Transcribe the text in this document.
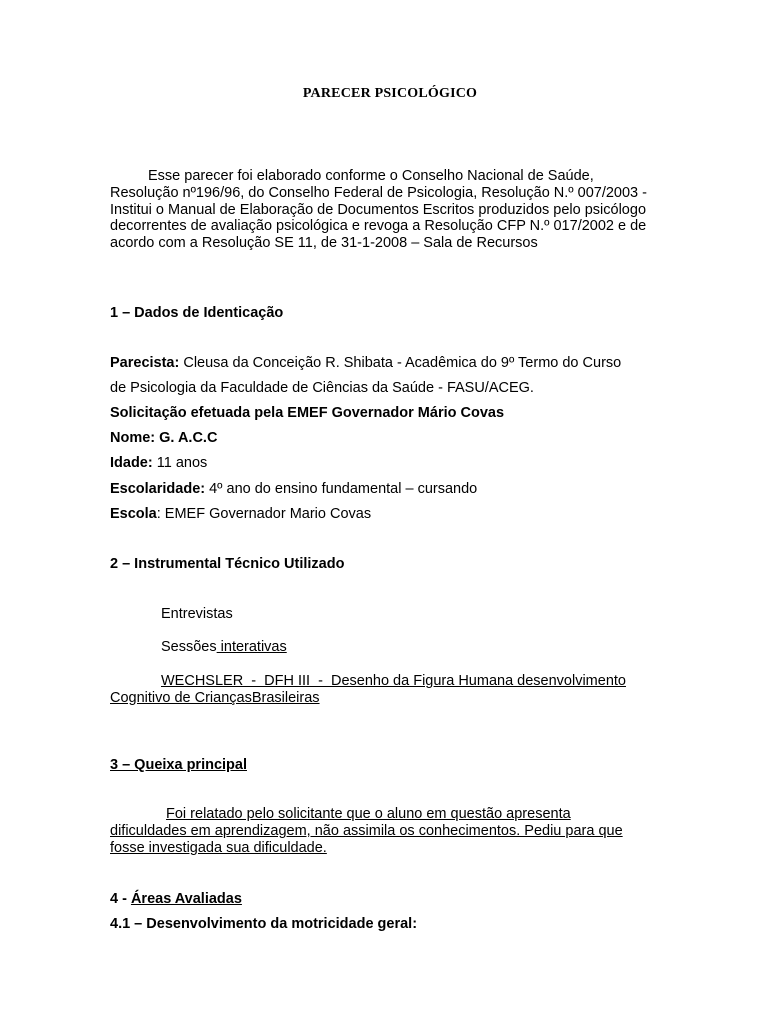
PARECER PSICOLÓGICO
Esse parecer foi elaborado conforme o Conselho Nacional de Saúde, Resolução nº196/96, do Conselho Federal de Psicologia, Resolução N.º 007/2003 - Institui o Manual de Elaboração de Documentos Escritos produzidos pelo psicólogo decorrentes de avaliação psicológica e revoga a Resolução CFP N.º 017/2002 e de acordo com a Resolução SE 11, de 31-1-2008 – Sala de Recursos
1 – Dados de Identicação
Parecista: Cleusa da Conceição R. Shibata - Acadêmica do 9º Termo do Curso
de Psicologia da Faculdade de Ciências da Saúde - FASU/ACEG.
Solicitação efetuada pela EMEF Governador Mário Covas
Nome: G. A.C.C
Idade: 11 anos
Escolaridade: 4º ano do ensino fundamental – cursando
Escola: EMEF Governador Mario Covas
2 – Instrumental Técnico Utilizado
Entrevistas
Sessões interativas
WECHSLER  -  DFH III  -  Desenho da Figura Humana desenvolvimento
Cognitivo de CriançasBrasileiras
3 – Queixa principal
Foi relatado pelo solicitante que o aluno em questão apresenta
dificuldades em aprendizagem, não assimila os conhecimentos. Pediu para que
fosse investigada sua dificuldade.
4 - Áreas Avaliadas
4.1 – Desenvolvimento da motricidade geral:
